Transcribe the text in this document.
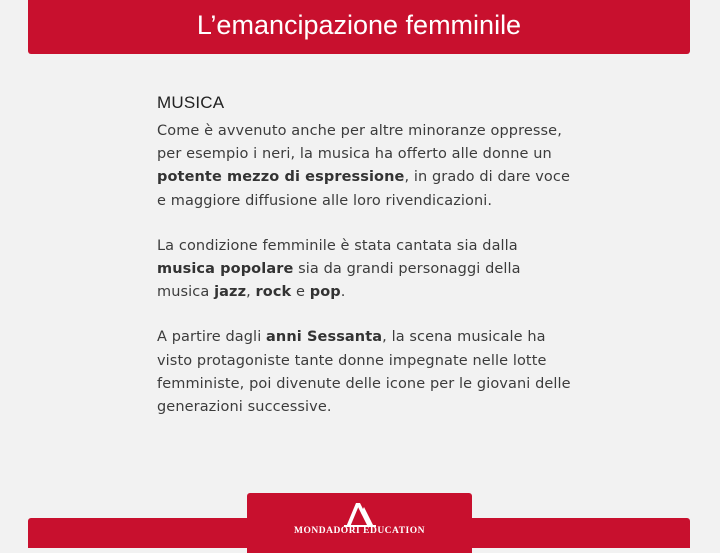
L’emancipazione femminile
MUSICA

Come è avvenuto anche per altre minoranze oppresse, per esempio i neri, la musica ha offerto alle donne un potente mezzo di espressione, in grado di dare voce e maggiore diffusione alle loro rivendicazioni.

La condizione femminile è stata cantata sia dalla musica popolare sia da grandi personaggi della musica jazz, rock e pop.

A partire dagli anni Sessanta, la scena musicale ha visto protagoniste tante donne impegnate nelle lotte femministe, poi divenute delle icone per le giovani delle generazioni successive.

MONDADORI EDUCATION
